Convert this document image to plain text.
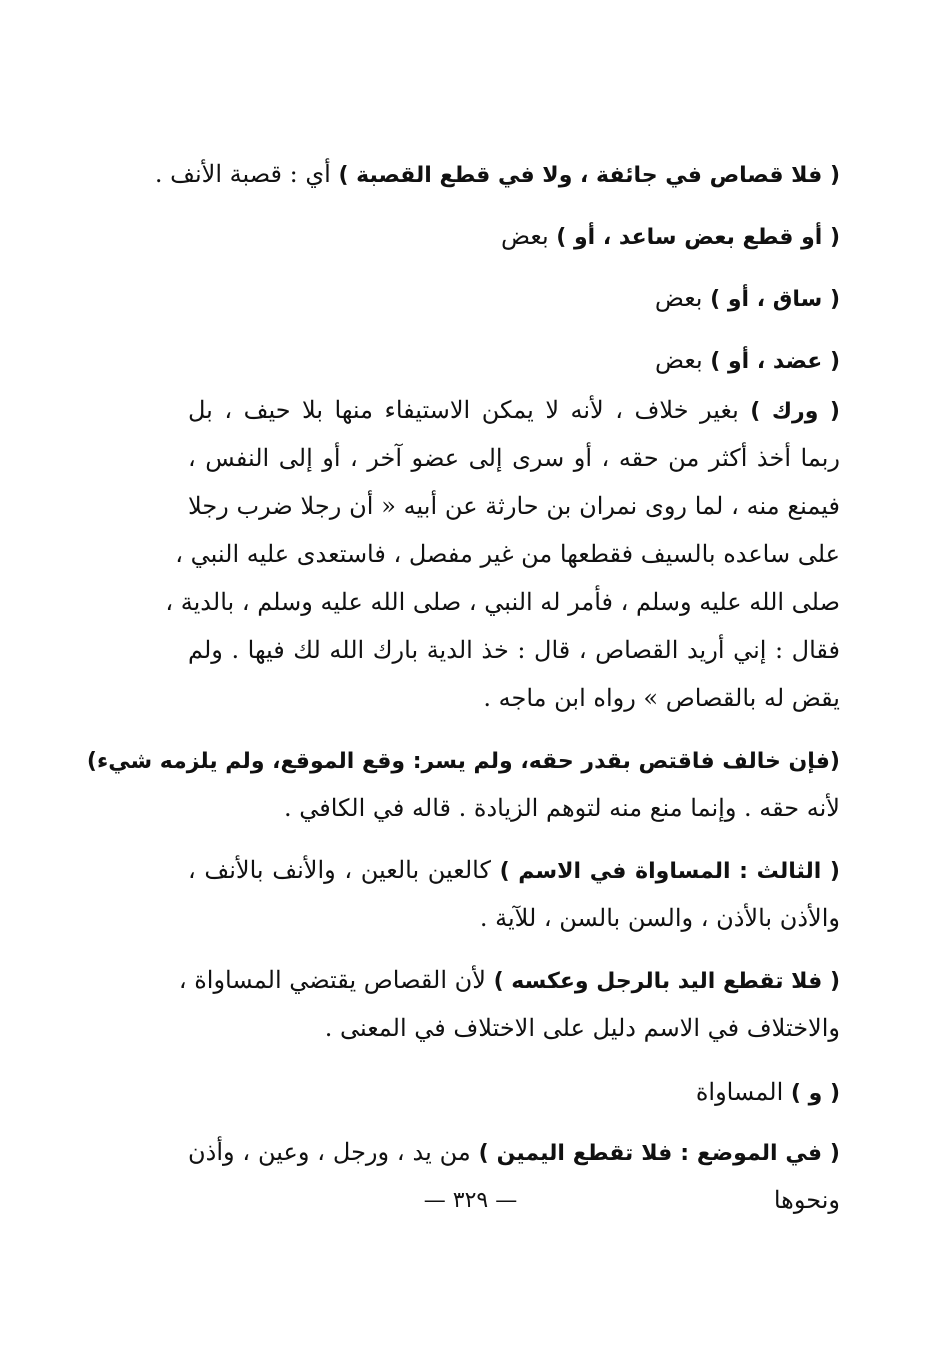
( فلا قصاص في جائفة ، ولا في قطع القصبة ) أي : قصبة الأنف .
( أو قطع بعض ساعد ، أو ) بعض
( ساق ، أو ) بعض
( عضد ، أو ) بعض
( ورك ) بغير خلاف ، لأنه لا يمكن الاستيفاء منها بلا حيف ، بل
ربما أخذ أكثر من حقه ، أو سرى إلى عضو آخر ، أو إلى النفس ،
فيمنع منه ، لما روى نمران بن حارثة عن أبيه « أن رجلا ضرب رجلا
على ساعده بالسيف فقطعها من غير مفصل ، فاستعدى عليه النبي ،
صلى الله عليه وسلم ، فأمر له النبي ، صلى الله عليه وسلم ، بالدية ،
فقال : إني أريد القصاص ، قال : خذ الدية بارك الله لك فيها . ولم
يقض له بالقصاص » رواه ابن ماجه .
(فإن خالف فاقتص بقدر حقه، ولم يسر: وقع الموقع، ولم يلزمه شيء)
لأنه حقه . وإنما منع منه لتوهم الزيادة . قاله في الكافي .
( الثالث : المساواة في الاسم ) كالعين بالعين ، والأنف بالأنف ،
والأذن بالأذن ، والسن بالسن ، للآية .
( فلا تقطع اليد بالرجل وعكسه ) لأن القصاص يقتضي المساواة ،
والاختلاف في الاسم دليل على الاختلاف في المعنى .
( و ) المساواة
( في الموضع : فلا تقطع اليمين ) من يد ، ورجل ، وعين ، وأذن
ونحوها
— ٣٢٩ —
